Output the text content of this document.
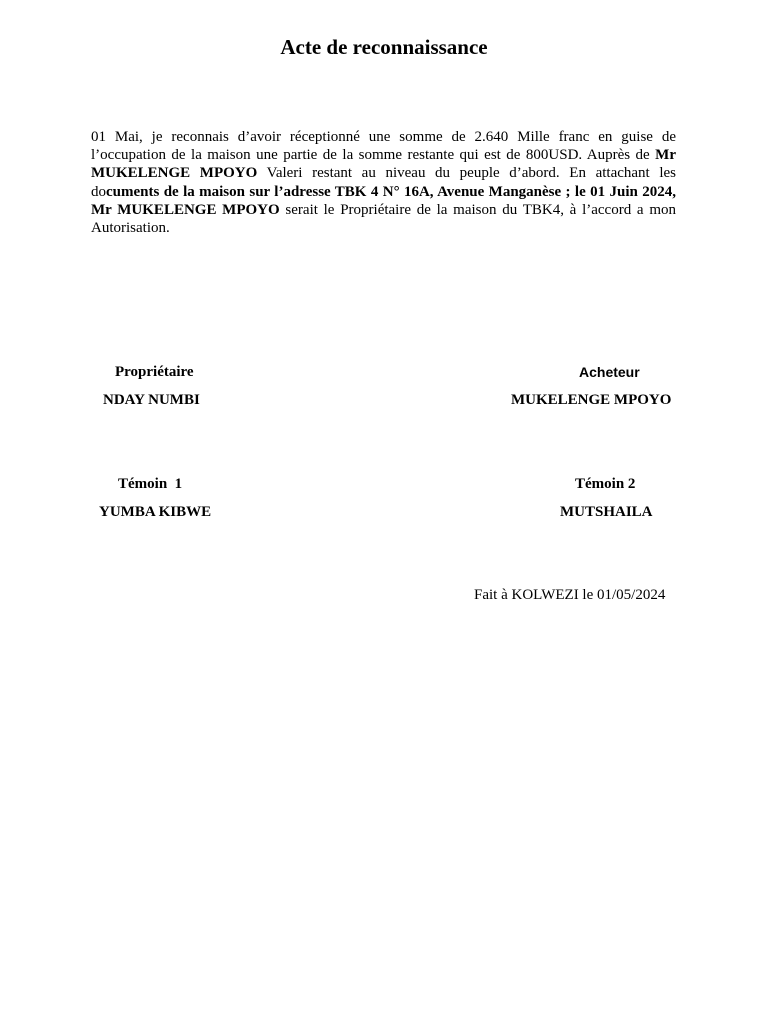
Acte de reconnaissance

01 Mai, je reconnais d’avoir réceptionné une somme de 2.640 Mille franc en guise de l’occupation de la maison une partie de la somme restante qui est de 800USD. Auprès de Mr MUKELENGE MPOYO Valeri restant au niveau du peuple d’abord. En attachant les documents de la maison sur l’adresse TBK 4 N° 16A, Avenue Manganèse ; le 01 Juin 2024, Mr MUKELENGE MPOYO serait le Propriétaire de la maison du TBK4, à l’accord a mon Autorisation.

Propriétaire	Acheteur
NDAY NUMBI	MUKELENGE MPOYO
Témoin  1	Témoin 2
YUMBA KIBWE	MUTSHAILA
Fait à KOLWEZI le 01/05/2024
